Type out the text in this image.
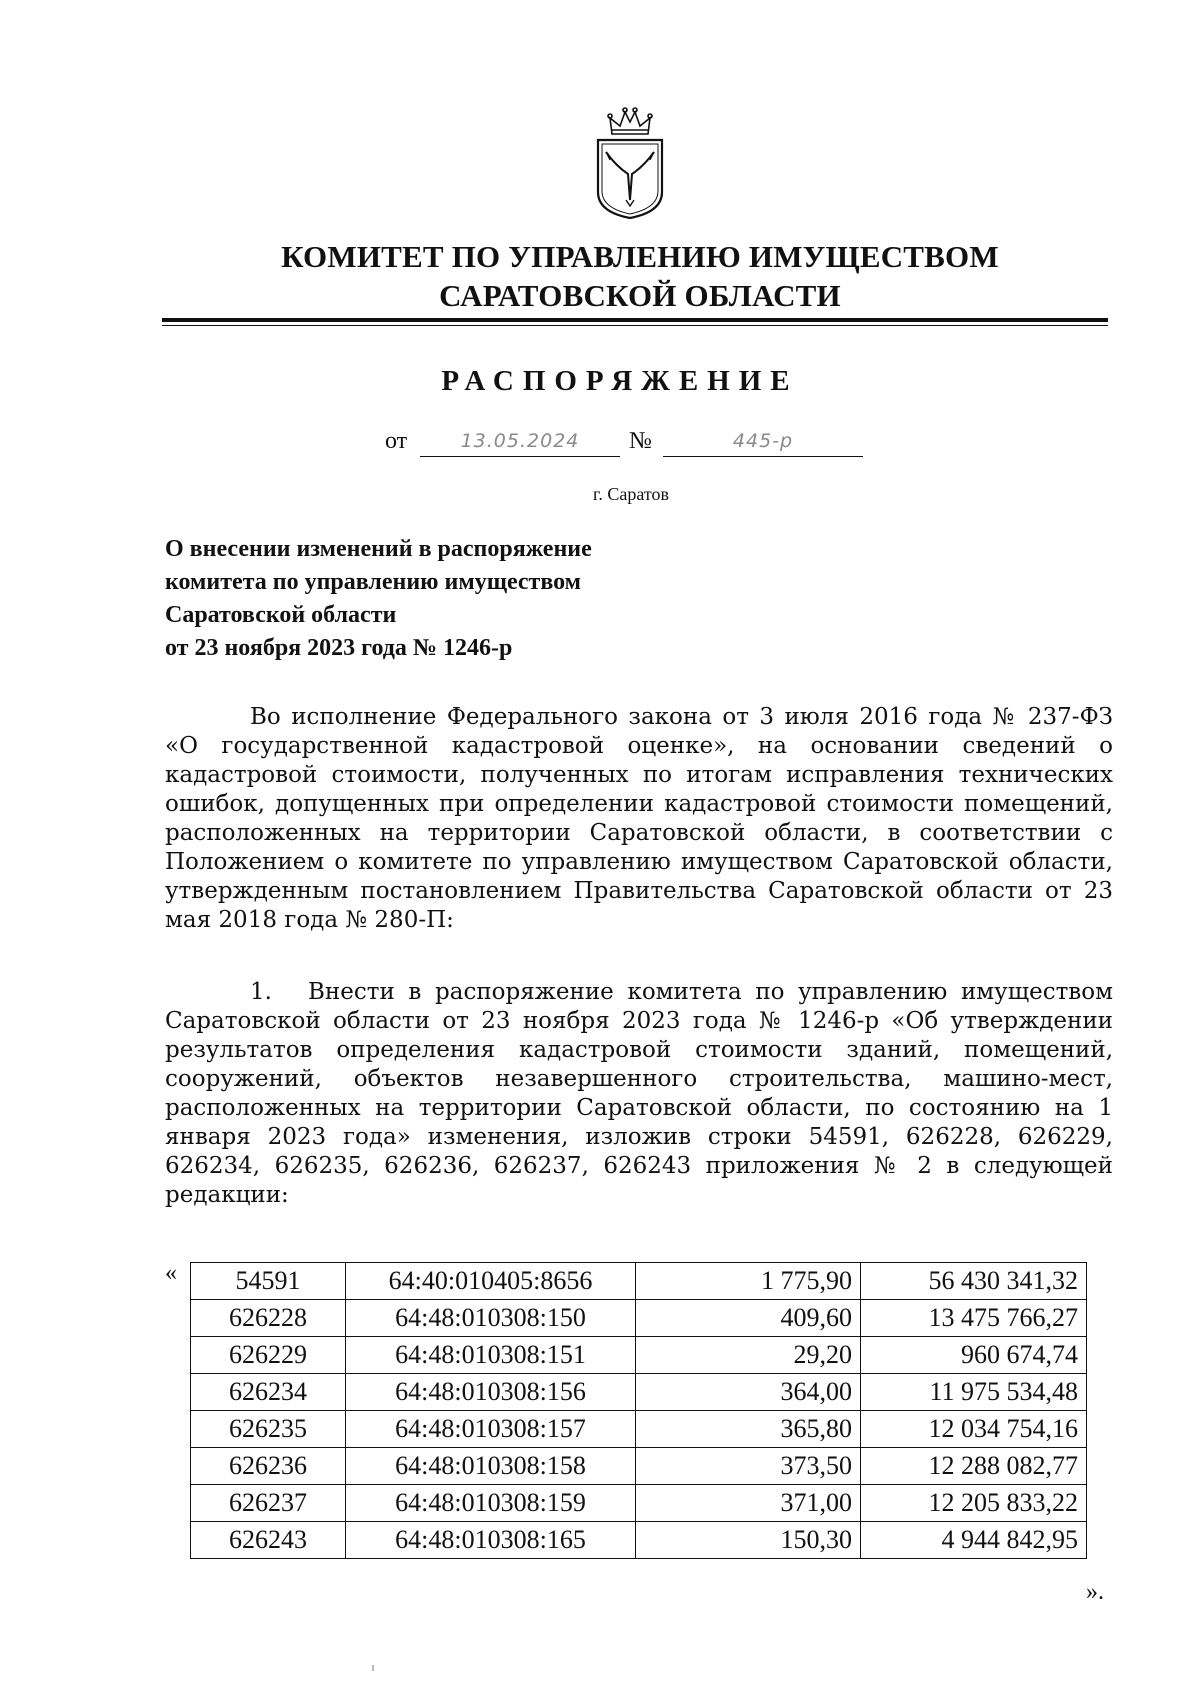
КОМИТЕТ ПО УПРАВЛЕНИЮ ИМУЩЕСТВОМ
САРАТОВСКОЙ ОБЛАСТИ
РАСПОРЯЖЕНИЕ
от	13.05.2024	№	445-р
г. Саратов
О внесении изменений в распоряжение
комитета по управлению имуществом
Саратовской области
от 23 ноября 2023 года № 1246-р
Во исполнение Федерального закона от 3 июля 2016 года № 237-ФЗ «О государственной кадастровой оценке», на основании сведений о кадастровой стоимости, полученных по итогам исправления технических ошибок, допущенных при определении кадастровой стоимости помещений, расположенных на территории Саратовской области, в соответствии с Положением о комитете по управлению имуществом Саратовской области, утвержденным постановлением Правительства Саратовской области от 23 мая 2018 года № 280-П:
1. Внести в распоряжение комитета по управлению имуществом Саратовской области от 23 ноября 2023 года № 1246-р «Об утверждении результатов определения кадастровой стоимости зданий, помещений, сооружений, объектов незавершенного строительства, машино-мест, расположенных на территории Саратовской области, по состоянию на 1 января 2023 года» изменения, изложив строки 54591, 626228, 626229, 626234, 626235, 626236, 626237, 626243 приложения № 2 в следующей редакции:
« 54591	64:40:010405:8656	1 775,90	56 430 341,32
626228	64:48:010308:150	409,60	13 475 766,27
626229	64:48:010308:151	29,20	960 674,74
626234	64:48:010308:156	364,00	11 975 534,48
626235	64:48:010308:157	365,80	12 034 754,16
626236	64:48:010308:158	373,50	12 288 082,77
626237	64:48:010308:159	371,00	12 205 833,22
626243	64:48:010308:165	150,30	4 944 842,95
».
